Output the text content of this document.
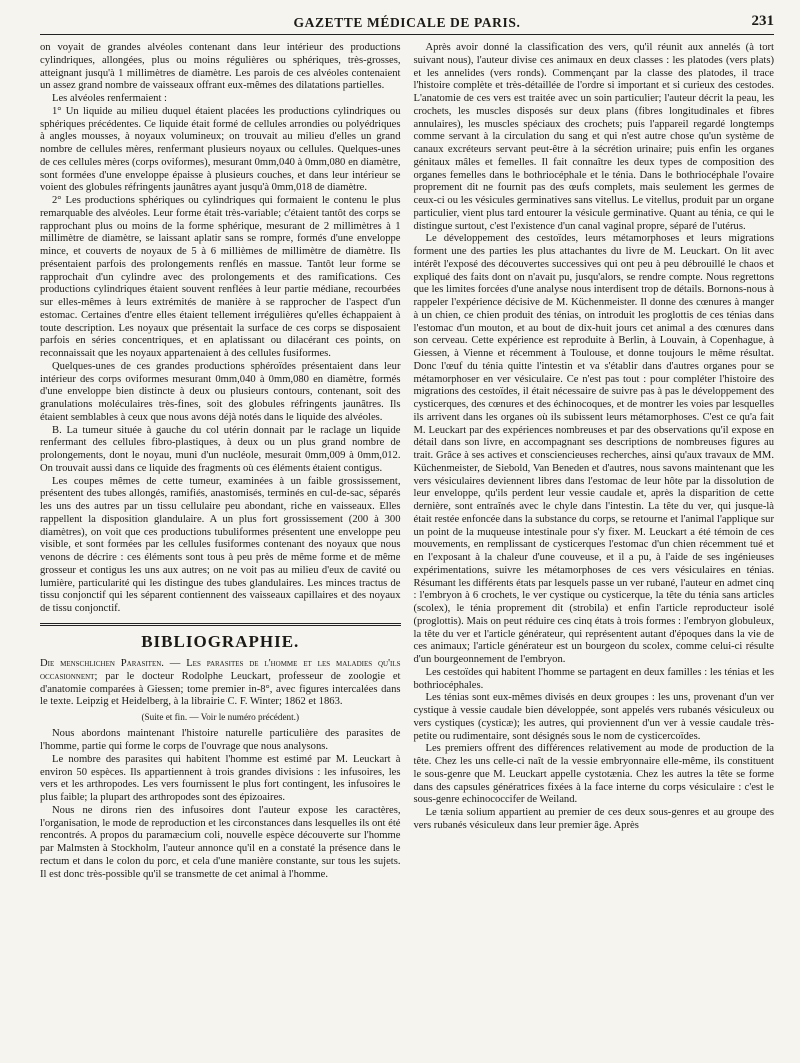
GAZETTE MÉDICALE DE PARIS.	231

on voyait de grandes alvéoles contenant dans leur intérieur des productions cylindriques, allongées, plus ou moins régulières ou sphériques, très-grosses, atteignant jusqu'à 1 millimètres de diamètre. Les parois de ces alvéoles contenaient un assez grand nombre de vaisseaux offrant eux-mêmes des dilatations partielles.

Les alvéoles renfermaient :

1° Un liquide au milieu duquel étaient placées les productions cylindriques ou sphériques précédentes. Ce liquide était formé de cellules arrondies ou polyédriques à angles mousses, à noyaux volumineux; on trouvait au milieu d'elles un grand nombre de cellules mères, renfermant plusieurs noyaux ou cellules. Quelques-unes de ces cellules mères (corps oviformes), mesurant 0mm,040 à 0mm,080 en diamètre, sont formées d'une enveloppe épaisse à plusieurs couches, et dans leur intérieur se voient des globules réfringents jaunâtres ayant jusqu'à 0mm,018 de diamètre.

2° Les productions sphériques ou cylindriques qui formaient le contenu le plus remarquable des alvéoles. Leur forme était très-variable; c'étaient tantôt des corps se rapprochant plus ou moins de la forme sphérique, mesurant de 2 millimètres à 1 millimètre de diamètre, se laissant aplatir sans se rompre, formés d'une enveloppe mince, et couverts de noyaux de 5 à 6 millièmes de millimètre de diamètre. Ils présentaient parfois des prolongements renflés en massue. Tantôt leur forme se rapprochait d'un cylindre avec des prolongements et des ramifications. Ces productions cylindriques étaient souvent renflées à leur partie médiane, recourbées sur elles-mêmes à leurs extrémités de manière à se rapprocher de l'aspect d'un estomac. Certaines d'entre elles étaient tellement irrégulières qu'elles échappaient à toute description. Les noyaux que présentait la surface de ces corps se disposaient parfois en séries concentriques, et en aplatissant ou dilacérant ces points, on reconnaissait que les noyaux appartenaient à des cellules fusiformes.

Quelques-unes de ces grandes productions sphéroïdes présentaient dans leur intérieur des corps oviformes mesurant 0mm,040 à 0mm,080 en diamètre, formés d'une enveloppe bien distincte à deux ou plusieurs contours, contenant, soit des granulations moléculaires très-fines, soit des globules réfringents jaunâtres. Ils étaient semblables à ceux que nous avons déjà notés dans le liquide des alvéoles.

B. La tumeur située à gauche du col utérin donnait par le raclage un liquide renfermant des cellules fibro-plastiques, à deux ou un plus grand nombre de prolongements, dont le noyau, muni d'un nucléole, mesurait 0mm,009 à 0mm,012. On trouvait aussi dans ce liquide des fragments où ces éléments étaient contigus.

Les coupes mêmes de cette tumeur, examinées à un faible grossissement, présentent des tubes allongés, ramifiés, anastomisés, terminés en cul-de-sac, séparés les uns des autres par un tissu cellulaire peu abondant, riche en vaisseaux. Elles rappellent la disposition glandulaire. A un plus fort grossissement (200 à 300 diamètres), on voit que ces productions tubuliformes présentent une enveloppe peu visible, et sont formées par les cellules fusiformes contenant des noyaux que nous venons de décrire : ces éléments sont tous à peu près de même forme et de même grosseur et contigus les uns aux autres; on ne voit pas au milieu d'eux de cavité ou lumière, particularité qui les distingue des tubes glandulaires. Les minces tractus de tissu conjonctif qui les séparent contiennent des vaisseaux capillaires et des noyaux de tissu conjonctif.

BIBLIOGRAPHIE.

Die menschlichen Parasiten. — Les parasites de l'homme et les maladies qu'ils occasionnent; par le docteur Rodolphe Leuckart, professeur de zoologie et d'anatomie comparées à Giessen; tome premier in-8°, avec figures intercalées dans le texte. Leipzig et Heidelberg, à la librairie C. F. Winter; 1862 et 1863.

(Suite et fin. — Voir le numéro précédent.)

Nous abordons maintenant l'histoire naturelle particulière des parasites de l'homme, partie qui forme le corps de l'ouvrage que nous analysons.

Le nombre des parasites qui habitent l'homme est estimé par M. Leuckart à environ 50 espèces. Ils appartiennent à trois grandes divisions : les infusoires, les vers et les arthropodes. Les vers fournissent le plus fort contingent, les infusoires le plus faible; la plupart des arthropodes sont des épizoaires.

Nous ne dirons rien des infusoires dont l'auteur expose les caractères, l'organisation, le mode de reproduction et les circonstances dans lesquelles ils ont été rencontrés. A propos du paramæcium coli, nouvelle espèce découverte sur l'homme par Malmsten à Stockholm, l'auteur annonce qu'il en a constaté la présence dans le rectum et dans le colon du porc, et cela d'une manière constante, sur tous les sujets. Il est donc très-possible qu'il se transmette de cet animal à l'homme.

Après avoir donné la classification des vers, qu'il réunit aux annelés (à tort suivant nous), l'auteur divise ces animaux en deux classes : les platodes (vers plats) et les annelides (vers ronds). Commençant par la classe des platodes, il trace l'histoire complète et très-détaillée de l'ordre si important et si curieux des cestodes. L'anatomie de ces vers est traitée avec un soin particulier; l'auteur décrit la peau, les crochets, les muscles disposés sur deux plans (fibres longitudinales et fibres annulaires), les muscles spéciaux des crochets; puis l'appareil regardé longtemps comme servant à la circulation du sang et qui n'est autre chose qu'un système de canaux excréteurs servant peut-être à la sécrétion urinaire; puis enfin les organes génitaux mâles et femelles. Il fait connaître les deux types de composition des organes femelles dans le bothriocéphale et le ténia. Dans le bothriocéphale l'ovaire proprement dit ne fournit pas des œufs complets, mais seulement les germes de ceux-ci ou les vésicules germinatives sans vitellus. Le vitellus, produit par un organe particulier, vient plus tard entourer la vésicule germinative. Quant au ténia, ce qui le distingue surtout, c'est l'existence d'un canal vaginal propre, séparé de l'utérus.

Le développement des cestoïdes, leurs métamorphoses et leurs migrations forment une des parties les plus attachantes du livre de M. Leuckart. On lit avec intérêt l'exposé des découvertes successives qui ont peu à peu débrouillé le chaos et expliqué des faits dont on n'avait pu, jusqu'alors, se rendre compte. Nous regrettons que les limites forcées d'une analyse nous interdisent trop de détails. Bornons-nous à rappeler l'expérience décisive de M. Küchenmeister. Il donne des cœnures à manger à un chien, ce chien produit des ténias, on introduit les proglottis de ces ténias dans l'estomac d'un mouton, et au bout de dix-huit jours cet animal a des cœnures dans son cerveau. Cette expérience est reproduite à Berlin, à Louvain, à Copenhague, à Giessen, à Vienne et récemment à Toulouse, et donne toujours le même résultat. Donc l'œuf du ténia quitte l'intestin et va s'établir dans d'autres organes pour se métamorphoser en ver vésiculaire. Ce n'est pas tout : pour compléter l'histoire des migrations des cestoïdes, il était nécessaire de suivre pas à pas le développement des cysticerques, des cœnures et des échinocoques, et de montrer les voies par lesquelles ils arrivent dans les organes où ils subissent leurs métamorphoses. C'est ce qu'a fait M. Leuckart par des expériences nombreuses et par des observations qu'il expose en détail dans son livre, en accompagnant ses descriptions de nombreuses figures au trait. Grâce à ses actives et consciencieuses recherches, ainsi qu'aux travaux de MM. Küchenmeister, de Siebold, Van Beneden et d'autres, nous savons maintenant que les vers vésiculaires deviennent libres dans l'estomac de leur hôte par la dissolution de leur enveloppe, qu'ils perdent leur vessie caudale et, après la disparition de cette dernière, sont entraînés avec le chyle dans l'intestin. La tête du ver, qui jusque-là était restée enfoncée dans la substance du corps, se retourne et l'animal l'applique sur un point de la muqueuse intestinale pour s'y fixer. M. Leuckart a été témoin de ces mouvements, en remplissant de cysticerques l'estomac d'un chien récemment tué et en l'exposant à la chaleur d'une couveuse, et il a pu, à l'aide de ses ingénieuses expérimentations, suivre les métamorphoses de ces vers vésiculaires en ténias. Résumant les différents états par lesquels passe un ver rubané, l'auteur en admet cinq : l'embryon à 6 crochets, le ver cystique ou cysticerque, la tête du ténia sans articles (scolex), le ténia proprement dit (strobila) et enfin l'article reproducteur isolé (proglottis). Mais on peut réduire ces cinq états à trois formes : l'embryon globuleux, la tête du ver et l'article générateur, qui représentent autant d'époques dans la vie de ces animaux; l'article générateur est un bourgeon du scolex, comme celui-ci résulte d'un bourgeonnement de l'embryon.

Les cestoïdes qui habitent l'homme se partagent en deux familles : les ténias et les bothriocéphales.

Les ténias sont eux-mêmes divisés en deux groupes : les uns, provenant d'un ver cystique à vessie caudale bien développée, sont appelés vers rubanés vésiculeux ou vers cystiques (cysticæ); les autres, qui proviennent d'un ver à vessie caudale très-petite ou rudimentaire, sont désignés sous le nom de cysticercoïdes.

Les premiers offrent des différences relativement au mode de production de la tête. Chez les uns celle-ci naît de la vessie embryonnaire elle-même, ils constituent le sous-genre que M. Leuckart appelle cystotænia. Chez les autres la tête se forme dans des capsules génératrices fixées à la face interne du corps vésiculaire : c'est le sous-genre echinococcifer de Weiland.

Le tænia solium appartient au premier de ces deux sous-genres et au groupe des vers rubanés vésiculeux dans leur premier âge. Après
